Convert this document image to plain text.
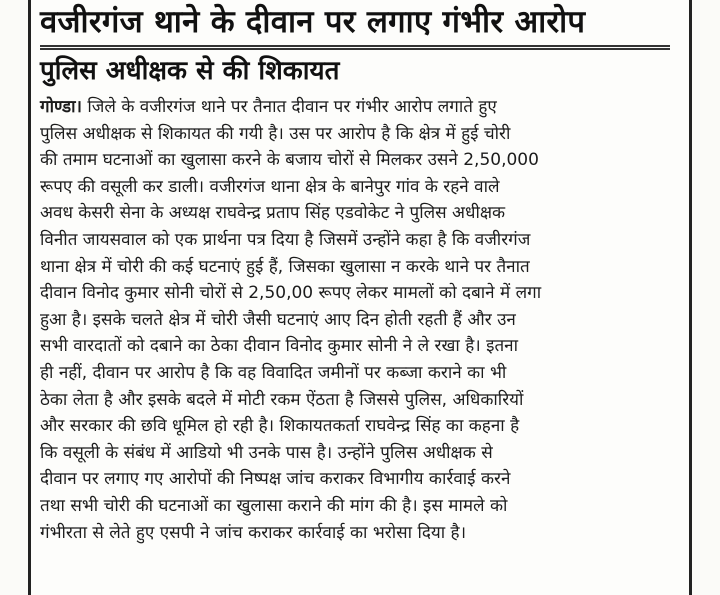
वजीरगंज थाने के दीवान पर लगाए गंभीर आरोप
पुलिस अधीक्षक से की शिकायत
गोण्डा। जिले के वजीरगंज थाने पर तैनात दीवान पर गंभीर आरोप लगाते हुए
पुलिस अधीक्षक से शिकायत की गयी है। उस पर आरोप है कि क्षेत्र में हुई चोरी
की तमाम घटनाओं का खुलासा करने के बजाय चोरों से मिलकर उसने 2,50,000
रूपए की वसूली कर डाली। वजीरगंज थाना क्षेत्र के बानेपुर गांव के रहने वाले
अवध केसरी सेना के अध्यक्ष राघवेन्द्र प्रताप सिंह एडवोकेट ने पुलिस अधीक्षक
विनीत जायसवाल को एक प्रार्थना पत्र दिया है जिसमें उन्होंने कहा है कि वजीरगंज
थाना क्षेत्र में चोरी की कई घटनाएं हुई हैं, जिसका खुलासा न करके थाने पर तैनात
दीवान विनोद कुमार सोनी चोरों से 2,50,00 रूपए लेकर मामलों को दबाने में लगा
हुआ है। इसके चलते क्षेत्र में चोरी जैसी घटनाएं आए दिन होती रहती हैं और उन
सभी वारदातों को दबाने का ठेका दीवान विनोद कुमार सोनी ने ले रखा है। इतना
ही नहीं, दीवान पर आरोप है कि वह विवादित जमीनों पर कब्जा कराने का भी
ठेका लेता है और इसके बदले में मोटी रकम ऐंठता है जिससे पुलिस, अधिकारियों
और सरकार की छवि धूमिल हो रही है। शिकायतकर्ता राघवेन्द्र सिंह का कहना है
कि वसूली के संबंध में आडियो भी उनके पास है। उन्होंने पुलिस अधीक्षक से
दीवान पर लगाए गए आरोपों की निष्पक्ष जांच कराकर विभागीय कार्रवाई करने
तथा सभी चोरी की घटनाओं का खुलासा कराने की मांग की है। इस मामले को
गंभीरता से लेते हुए एसपी ने जांच कराकर कार्रवाई का भरोसा दिया है।
